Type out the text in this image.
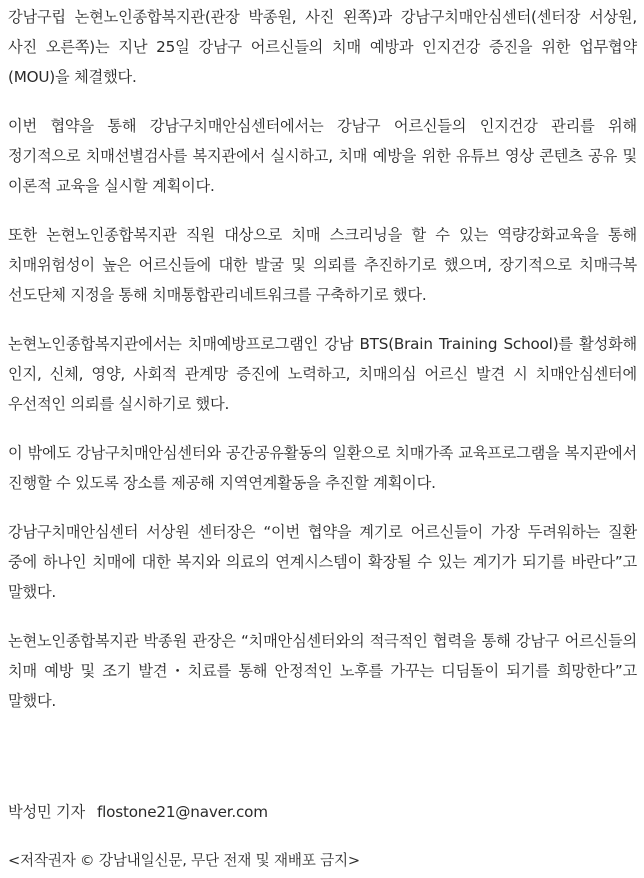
강남구립 논현노인종합복지관(관장 박종원, 사진 왼쪽)과 강남구치매안심센터(센터장 서상원, 사진 오른쪽)는 지난 25일 강남구 어르신들의 치매 예방과 인지건강 증진을 위한 업무협약(MOU)을 체결했다.

이번 협약을 통해 강남구치매안심센터에서는 강남구 어르신들의 인지건강 관리를 위해 정기적으로 치매선별검사를 복지관에서 실시하고, 치매 예방을 위한 유튜브 영상 콘텐츠 공유 및 이론적 교육을 실시할 계획이다.

또한 논현노인종합복지관 직원 대상으로 치매 스크리닝을 할 수 있는 역량강화교육을 통해 치매위험성이 높은 어르신들에 대한 발굴 및 의뢰를 추진하기로 했으며, 장기적으로 치매극복 선도단체 지정을 통해 치매통합관리네트워크를 구축하기로 했다.

논현노인종합복지관에서는 치매예방프로그램인 강남 BTS(Brain Training School)를 활성화해 인지, 신체, 영양, 사회적 관계망 증진에 노력하고, 치매의심 어르신 발견 시 치매안심센터에 우선적인 의뢰를 실시하기로 했다.

이 밖에도 강남구치매안심센터와 공간공유활동의 일환으로 치매가족 교육프로그램을 복지관에서 진행할 수 있도록 장소를 제공해 지역연계활동을 추진할 계획이다.

강남구치매안심센터 서상원 센터장은 “이번 협약을 계기로 어르신들이 가장 두려워하는 질환 중에 하나인 치매에 대한 복지와 의료의 연계시스템이 확장될 수 있는 계기가 되기를 바란다”고 말했다.

논현노인종합복지관 박종원 관장은 “치매안심센터와의 적극적인 협력을 통해 강남구 어르신들의 치매 예방 및 조기 발견・치료를 통해 안정적인 노후를 가꾸는 디딤돌이 되기를 희망한다”고 말했다.

박성민 기자 flostone21@naver.com
<저작권자 © 강남내일신문, 무단 전재 및 재배포 금지>
